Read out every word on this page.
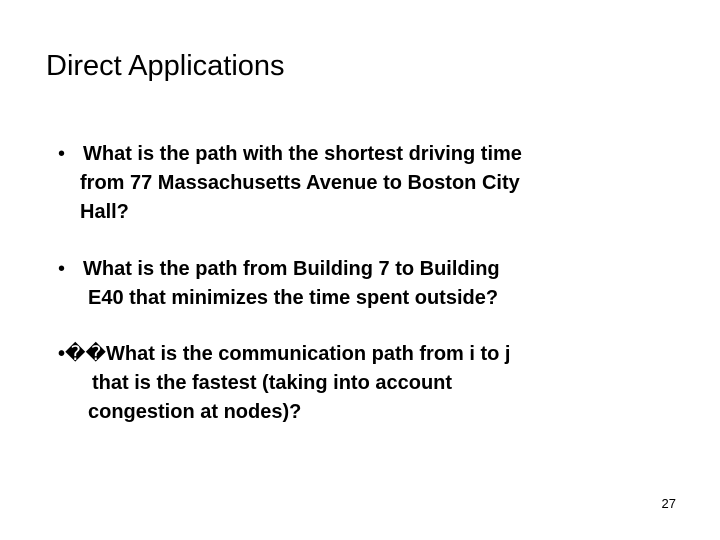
Direct Applications
• What is the path with the shortest driving time
from 77 Massachusetts Avenue to Boston City
Hall?
• What is the path from Building 7 to Building
E40 that minimizes the time spent outside?
•��What is the communication path from i to j
that is the fastest (taking into account
congestion at nodes)?
27
